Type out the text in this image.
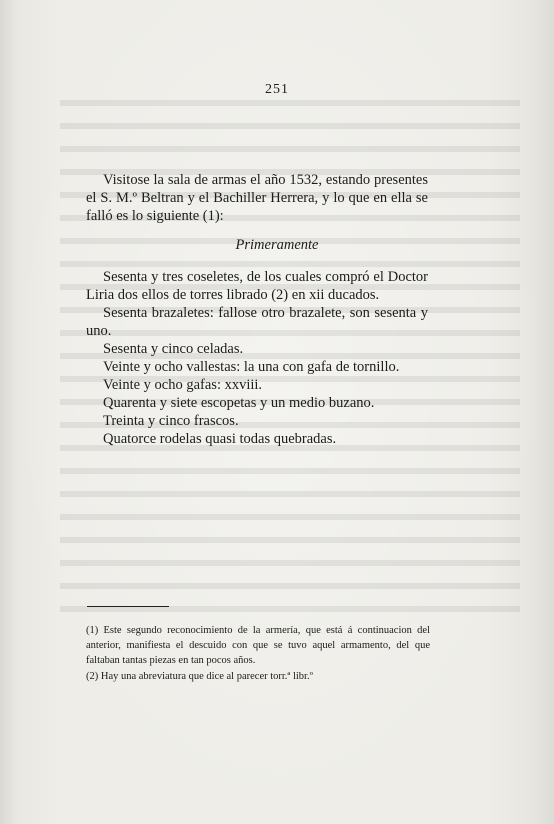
251

Visitose la sala de armas el año 1532, estando presentes el S. M.º Beltran y el Bachiller Herrera, y lo que en ella se falló es lo siguiente (1):

Primeramente

Sesenta y tres coseletes, de los cuales compró el Doctor Liria dos ellos de torres librado (2) en xii ducados.

Sesenta brazaletes: fallose otro brazalete, son sesenta y uno.

Sesenta y cinco celadas.

Veinte y ocho vallestas: la una con gafa de tornillo.

Veinte y ocho gafas: xxviii.

Quarenta y siete escopetas y un medio buzano.

Treinta y cinco frascos.

Quatorce rodelas quasi todas quebradas.

(1) Este segundo reconocimiento de la armería, que está á continuacion del anterior, manifiesta el descuido con que se tuvo aquel armamento, del que faltaban tantas piezas en tan pocos años.

(2) Hay una abreviatura que dice al parecer torr.ª libr.º
